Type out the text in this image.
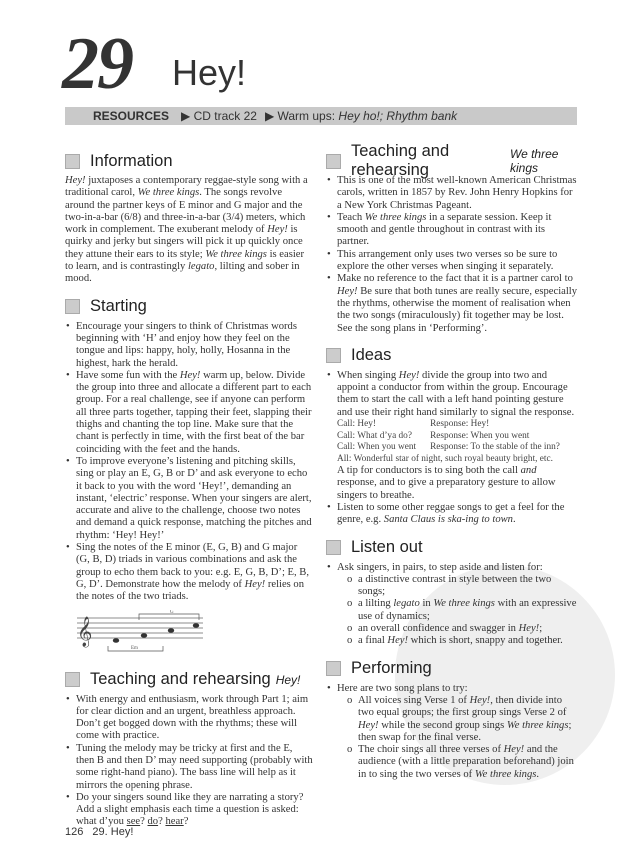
29 Hey!
RESOURCES ▶ CD track 22 ▶ Warm ups: Hey ho!; Rhythm bank
Information

Hey! juxtaposes a contemporary reggae-style song with a traditional carol, We three kings. The songs revolve around the partner keys of E minor and G major and the two-in-a-bar (6/8) and three-in-a-bar (3/4) meters, which work in complement. The exuberant melody of Hey! is quirky and jerky but singers will pick it up quickly once they attune their ears to its style; We three kings is easier to learn, and is contrastingly legato, lilting and sober in mood.

Starting
• Encourage your singers to think of Christmas words beginning with ‘H’ and enjoy how they feel on the tongue and lips: happy, holy, holly, Hosanna in the highest, hark the herald.
• Have some fun with the Hey! warm up, below. Divide the group into three and allocate a different part to each group. For a real challenge, see if anyone can perform all three parts together, tapping their feet, slapping their thighs and chanting the top line. Make sure that the chant is perfectly in time, with the first beat of the bar coinciding with the feet and the hands.
• To improve everyone’s listening and pitching skills, sing or play an E, G, B or D’ and ask everyone to echo it back to you with the word ‘Hey!’, demanding an instant, ‘electric’ response. When your singers are alert, accurate and alive to the challenge, choose two notes and demand a quick response, matching the pitches and rhythm: ‘Hey! Hey!’
• Sing the notes of the E minor (E, G, B) and G major (G, B, D) triads in various combinations and ask the group to echo them back to you: e.g. E, G, B, D’; E, B, G, D’. Demonstrate how the melody of Hey! relies on the notes of the two triads.
𝄞
G
Em
Teaching and rehearsing Hey!
• With energy and enthusiasm, work through Part 1; aim for clear diction and an urgent, breathless approach. Don’t get bogged down with the rhythms; these will come with practice.
• Tuning the melody may be tricky at first and the E, then B and then D’ may need supporting (probably with some right-hand piano). The bass line will help as it mirrors the opening phrase.
• Do your singers sound like they are narrating a story? Add a slight emphasis each time a question is asked: what d’you see? do? hear?
Teaching and rehearsing
We three kings
• This is one of the most well-known American Christmas carols, written in 1857 by Rev. John Henry Hopkins for a New York Christmas Pageant.
• Teach We three kings in a separate session. Keep it smooth and gentle throughout in contrast with its partner.
• This arrangement only uses two verses so be sure to explore the other verses when singing it separately.
• Make no reference to the fact that it is a partner carol to Hey! Be sure that both tunes are really secure, especially the rhythms, otherwise the moment of realisation when the two songs (miraculously) fit together may be lost. See the song plans in ‘Performing’.
Ideas
• When singing Hey! divide the group into two and appoint a conductor from within the group. Encourage them to start the call with a left hand pointing gesture and use their right hand similarly to signal the response.
Call: Hey!	Response: Hey!
Call: What d’ya do?	Response: When you went
Call: When you went	Response: To the stable of the inn?
All: Wonderful star of night, such royal beauty bright, etc.	

A tip for conductors is to sing both the call and response, and to give a preparatory gesture to allow singers to breathe.

• Listen to some other reggae songs to get a feel for the genre, e.g. Santa Claus is ska-ing to town.
Listen out
• Ask singers, in pairs, to step aside and listen for:
o a distinctive contrast in style between the two songs;
o a lilting legato in We three kings with an expressive use of dynamics;
o an overall confidence and swagger in Hey!;
o a final Hey! which is short, snappy and together.
Performing
• Here are two song plans to try:
o All voices sing Verse 1 of Hey!, then divide into two equal groups; the first group sings Verse 2 of Hey! while the second group sings We three kings; then swap for the final verse.
o The choir sings all three verses of Hey! and the audience (with a little preparation beforehand) join in to sing the two verses of We three kings.
126 29. Hey!
